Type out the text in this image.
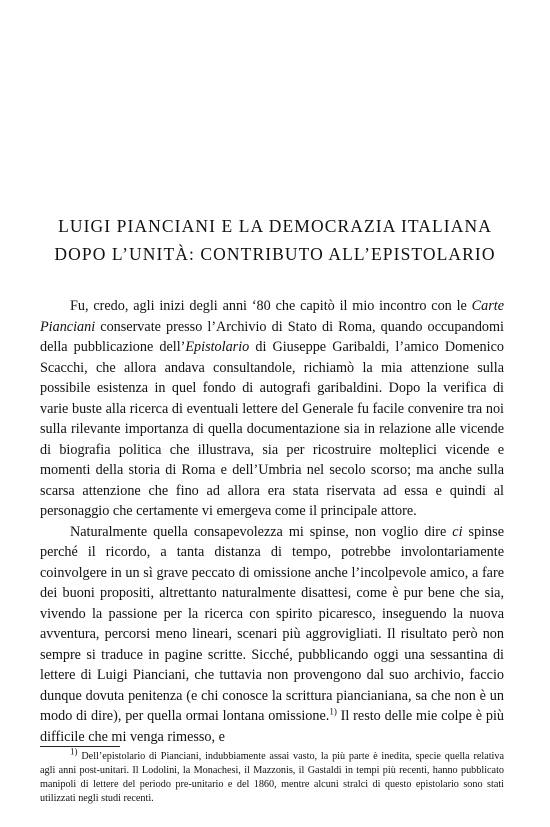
LUIGI PIANCIANI E LA DEMOCRAZIA ITALIANA
DOPO L’UNITÀ: CONTRIBUTO ALL’EPISTOLARIO

Fu, credo, agli inizi degli anni ‘80 che capitò il mio incontro con le Carte Pianciani conservate presso l’Archivio di Stato di Roma, quando occupandomi della pubblicazione dell’Epistolario di Giuseppe Garibaldi, l’amico Domenico Scacchi, che allora andava consultandole, richiamò la mia attenzione sulla possibile esistenza in quel fondo di autografi garibaldini. Dopo la verifica di varie buste alla ricerca di eventuali lettere del Generale fu facile convenire tra noi sulla rilevante importanza di quella documentazione sia in relazione alle vicende di biografia politica che illustrava, sia per ricostruire molteplici vicende e momenti della storia di Roma e dell’Umbria nel secolo scorso; ma anche sulla scarsa attenzione che fino ad allora era stata riservata ad essa e quindi al personaggio che certamente vi emergeva come il principale attore.

Naturalmente quella consapevolezza mi spinse, non voglio dire ci spinse perché il ricordo, a tanta distanza di tempo, potrebbe involontariamente coinvolgere in un sì grave peccato di omissione anche l’incolpevole amico, a fare dei buoni propositi, altrettanto naturalmente disattesi, come è pur bene che sia, vivendo la passione per la ricerca con spirito picaresco, inseguendo la nuova avventura, percorsi meno lineari, scenari più aggrovigliati. Il risultato però non sempre si traduce in pagine scritte. Sicché, pubblicando oggi una sessantina di lettere di Luigi Pianciani, che tuttavia non provengono dal suo archivio, faccio dunque dovuta penitenza (e chi conosce la scrittura piancianiana, sa che non è un modo di dire), per quella ormai lontana omissione.$^{1)}$ Il resto delle mie colpe è più difficile che mi venga rimesso, e

1) Dell’epistolario di Pianciani, indubbiamente assai vasto, la più parte è inedita, specie quella relativa agli anni post-unitari. Il Lodolini, la Monachesi, il Mazzonis, il Gastaldi in tempi più recenti, hanno pubblicato manipoli di lettere del periodo pre-unitario e del 1860, mentre alcuni stralci di questo epistolario sono stati utilizzati negli studi recenti.
